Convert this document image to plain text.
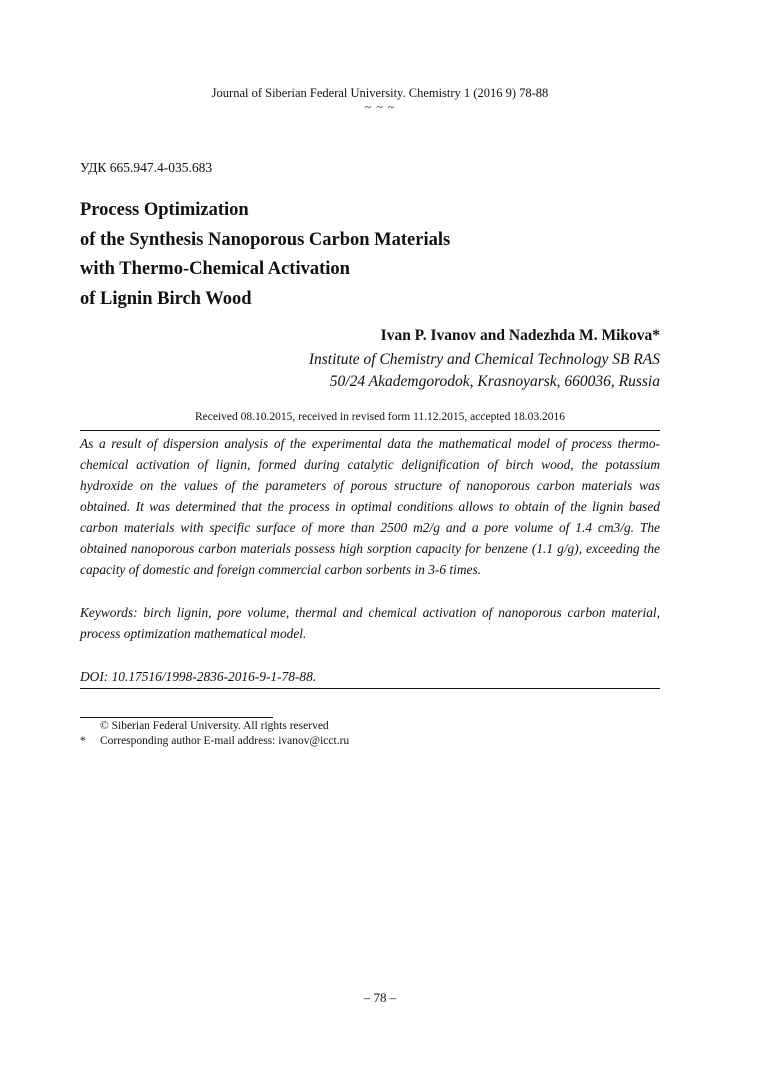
Journal of Siberian Federal University. Chemistry 1 (2016 9) 78-88
~ ~ ~
УДК 665.947.4-035.683
Process Optimization
of the Synthesis Nanoporous Carbon Materials
with Thermo-Chemical Activation
of Lignin Birch Wood
Ivan P. Ivanov and Nadezhda M. Mikova*
Institute of Chemistry and Chemical Technology SB RAS
50/24 Akademgorodok, Krasnoyarsk, 660036, Russia
Received 08.10.2015, received in revised form 11.12.2015, accepted 18.03.2016
As a result of dispersion analysis of the experimental data the mathematical model of process thermo-chemical activation of lignin, formed during catalytic delignification of birch wood, the potassium hydroxide on the values of the parameters of porous structure of nanoporous carbon materials was obtained. It was determined that the process in optimal conditions allows to obtain of the lignin based carbon materials with specific surface of more than 2500 m2/g and a pore volume of 1.4 cm3/g. The obtained nanoporous carbon materials possess high sorption capacity for benzene (1.1 g/g), exceeding the capacity of domestic and foreign commercial carbon sorbents in 3-6 times.
Keywords: birch lignin, pore volume, thermal and chemical activation of nanoporous carbon material, process optimization mathematical model.
DOI: 10.17516/1998-2836-2016-9-1-78-88.
© Siberian Federal University. All rights reserved
*	Corresponding author E-mail address: ivanov@icct.ru
– 78 –
